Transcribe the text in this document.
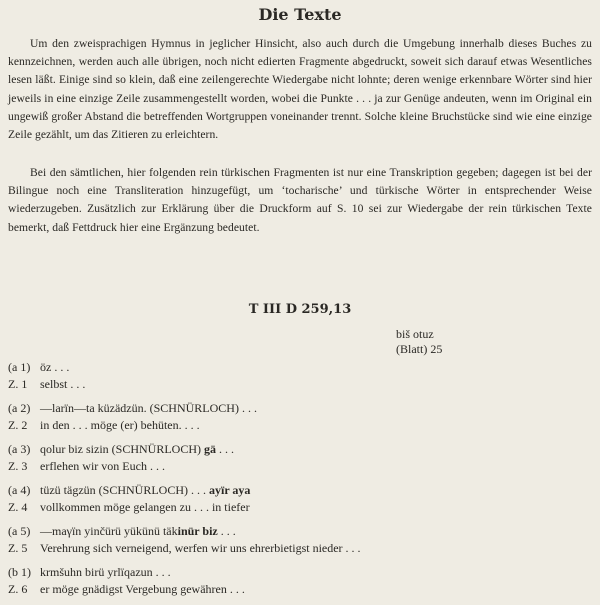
Die Texte
Um den zweisprachigen Hymnus in jeglicher Hinsicht, also auch durch die Umgebung innerhalb dieses Buches zu kennzeichnen, werden auch alle übrigen, noch nicht edierten Fragmente abgedruckt, soweit sich darauf etwas Wesentliches lesen läßt. Einige sind so klein, daß eine zeilengerechte Wiedergabe nicht lohnte; deren wenige erkennbare Wörter sind hier jeweils in eine einzige Zeile zusammengestellt worden, wobei die Punkte . . . ja zur Genüge andeuten, wenn im Original ein ungewiß großer Abstand die betreffenden Wortgruppen voneinander trennt. Solche kleine Bruchstücke sind wie eine einzige Zeile gezählt, um das Zitieren zu erleichtern.
Bei den sämtlichen, hier folgenden rein türkischen Fragmenten ist nur eine Transkription gegeben; dagegen ist bei der Bilingue noch eine Transliteration hinzugefügt, um ‘tocharische’ und türkische Wörter in entsprechender Weise wiederzugeben. Zusätzlich zur Erklärung über die Druckform auf S. 10 sei zur Wiedergabe der rein türkischen Texte bemerkt, daß Fettdruck hier eine Ergänzung bedeutet.
T III D 259,13
biš otuz
(Blatt) 25
(a 1) öz . . .
Z. 1 selbst . . .
(a 2) —larïn—ta küzädzün. (SCHNÜRLOCH) . . .
Z. 2 in den . . . möge (er) behüten. . . .
(a 3) qolur biz sizin (SCHNÜRLOCH) gä . . .
Z. 3 erflehen wir von Euch . . .
(a 4) tüzü tägzün (SCHNÜRLOCH) . . . ayïr aya
Z. 4 vollkommen möge gelangen zu . . . in tiefer
(a 5) —maγïn yinčürü yükünü täkinür biz . . .
Z. 5 Verehrung sich verneigend, werfen wir uns ehrerbietigst nieder . . .
(b 1) krmšuhn birü yrlïqazun . . .
Z. 6 er möge gnädigst Vergebung gewähren . . .
